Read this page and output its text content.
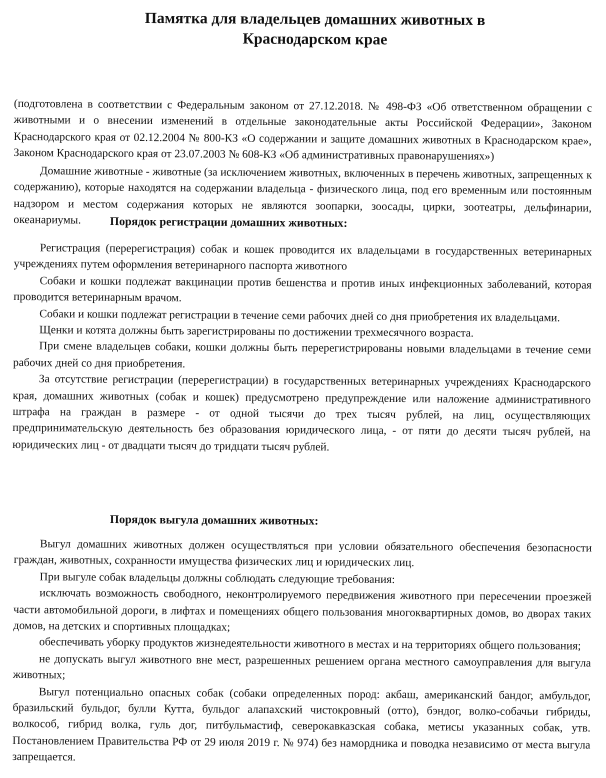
Памятка для владельцев домашних животных в
Краснодарском крае

(подготовлена в соответствии с Федеральным законом от 27.12.2018. № 498-ФЗ «Об ответственном обращении с животными и о внесении изменений в отдельные законодательные акты Российской Федерации», Законом Краснодарского края от 02.12.2004 № 800-КЗ «О содержании и защите домашних животных в Краснодарском крае», Законом Краснодарского края от 23.07.2003 № 608-КЗ «Об административных правонарушениях»)

Домашние животные - животные (за исключением животных, включенных в перечень животных, запрещенных к содержанию), которые находятся на содержании владельца - физического лица, под его временным или постоянным надзором и местом содержания которых не являются зоопарки, зоосады, цирки, зоотеатры, дельфинарии, океанариумы.	Порядок регистрации домашних животных:

Регистрация (перерегистрация) собак и кошек проводится их владельцами в государственных ветеринарных учреждениях путем оформления ветеринарного паспорта животного

Собаки и кошки подлежат вакцинации против бешенства и против иных инфекционных заболеваний, которая проводится ветеринарным врачом.

Собаки и кошки подлежат регистрации в течение семи рабочих дней со дня приобретения их владельцами.

Щенки и котята должны быть зарегистрированы по достижении трехмесячного возраста.

При смене владельцев собаки, кошки должны быть перерегистрированы новыми владельцами в течение семи рабочих дней со дня приобретения.

За отсутствие регистрации (перерегистрации) в государственных ветеринарных учреждениях Краснодарского края, домашних животных (собак и кошек) предусмотрено предупреждение или наложение административного штрафа на граждан в размере - от одной тысячи до трех тысяч рублей, на лиц, осуществляющих предпринимательскую деятельность без образования юридического лица, - от пяти до десяти тысяч рублей, на юридических лиц - от двадцати тысяч до тридцати тысяч рублей.

Порядок выгула домашних животных:

Выгул домашних животных должен осуществляться при условии обязательного обеспечения безопасности граждан, животных, сохранности имущества физических лиц и юридических лиц.

При выгуле собак владельцы должны соблюдать следующие требования:

исключать возможность свободного, неконтролируемого передвижения животного при пересечении проезжей части автомобильной дороги, в лифтах и помещениях общего пользования многоквартирных домов, во дворах таких домов, на детских и спортивных площадках;

обеспечивать уборку продуктов жизнедеятельности животного в местах и на территориях общего пользования;

не допускать выгул животного вне мест, разрешенных решением органа местного самоуправления для выгула животных;

Выгул потенциально опасных собак (собаки определенных пород: акбаш, американский бандог, амбульдог, бразильский бульдог, булли Кутта, бульдог алапахский чистокровный (отто), бэндог, волко-собачьи гибриды, волкособ, гибрид волка, гуль дог, питбульмастиф, северокавказская собака, метисы указанных собак, утв. Постановлением Правительства РФ от 29 июля 2019 г. № 974) без намордника и поводка независимо от места выгула запрещается.
